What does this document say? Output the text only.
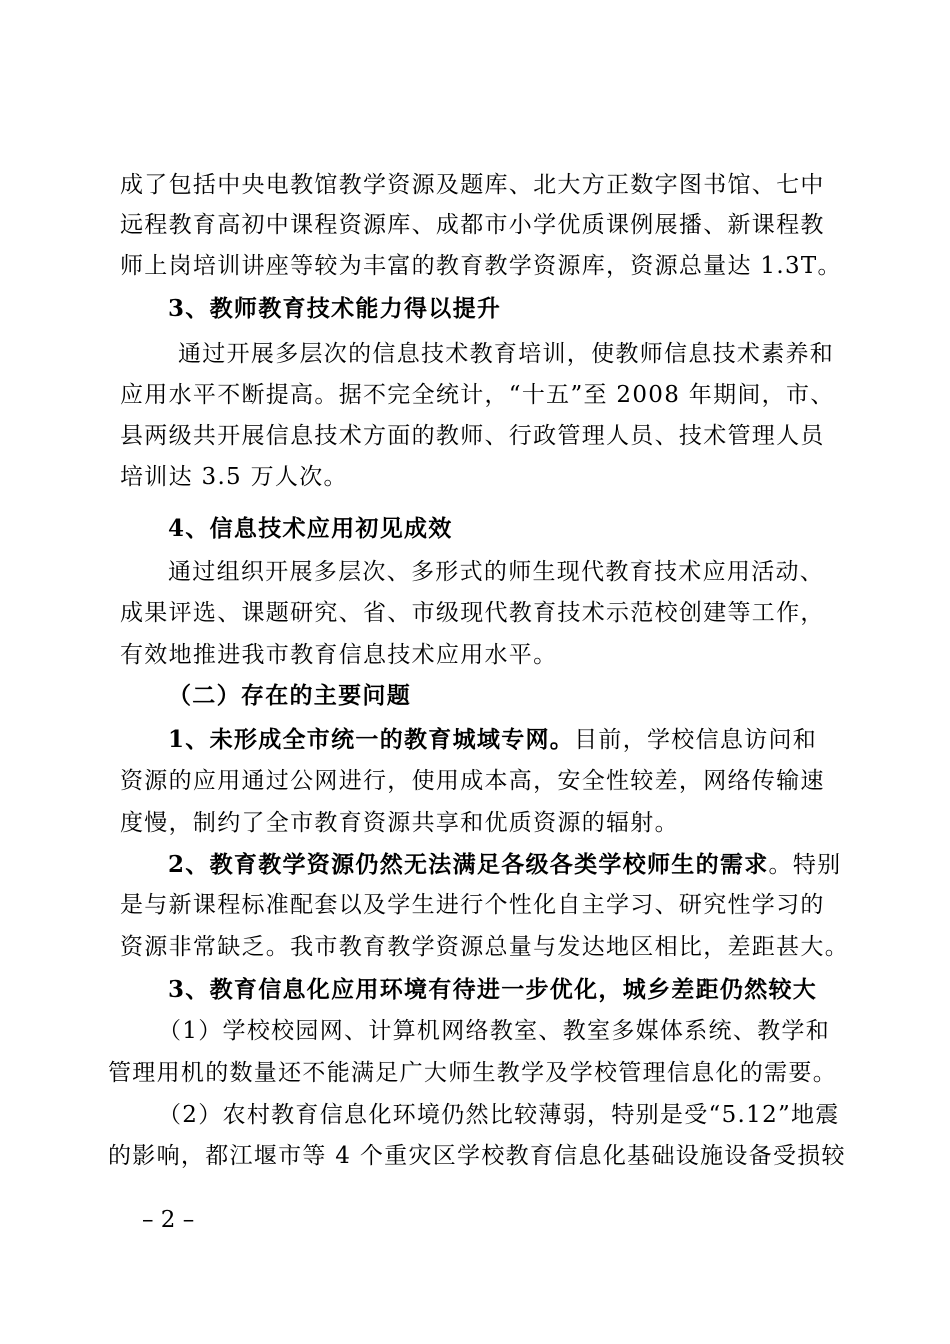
成了包括中央电教馆教学资源及题库、北大方正数字图书馆、七中
远程教育高初中课程资源库、成都市小学优质课例展播、新课程教
师上岗培训讲座等较为丰富的教育教学资源库，资源总量达 1.3T。
3、教师教育技术能力得以提升
通过开展多层次的信息技术教育培训，使教师信息技术素养和
应用水平不断提高。据不完全统计，“十五”至 2008 年期间，市、
县两级共开展信息技术方面的教师、行政管理人员、技术管理人员
培训达 3.5 万人次。
4、信息技术应用初见成效
通过组织开展多层次、多形式的师生现代教育技术应用活动、
成果评选、课题研究、省、市级现代教育技术示范校创建等工作，
有效地推进我市教育信息技术应用水平。
（二）存在的主要问题
1、未形成全市统一的教育城域专网。目前，学校信息访问和
资源的应用通过公网进行，使用成本高，安全性较差，网络传输速
度慢，制约了全市教育资源共享和优质资源的辐射。
2、教育教学资源仍然无法满足各级各类学校师生的需求。特别
是与新课程标准配套以及学生进行个性化自主学习、研究性学习的
资源非常缺乏。我市教育教学资源总量与发达地区相比，差距甚大。
3、教育信息化应用环境有待进一步优化，城乡差距仍然较大
（1）学校校园网、计算机网络教室、教室多媒体系统、教学和
管理用机的数量还不能满足广大师生教学及学校管理信息化的需要。
（2）农村教育信息化环境仍然比较薄弱，特别是受“5.12”地震
的影响，都江堰市等 4 个重灾区学校教育信息化基础设施设备受损较
– 2 –
